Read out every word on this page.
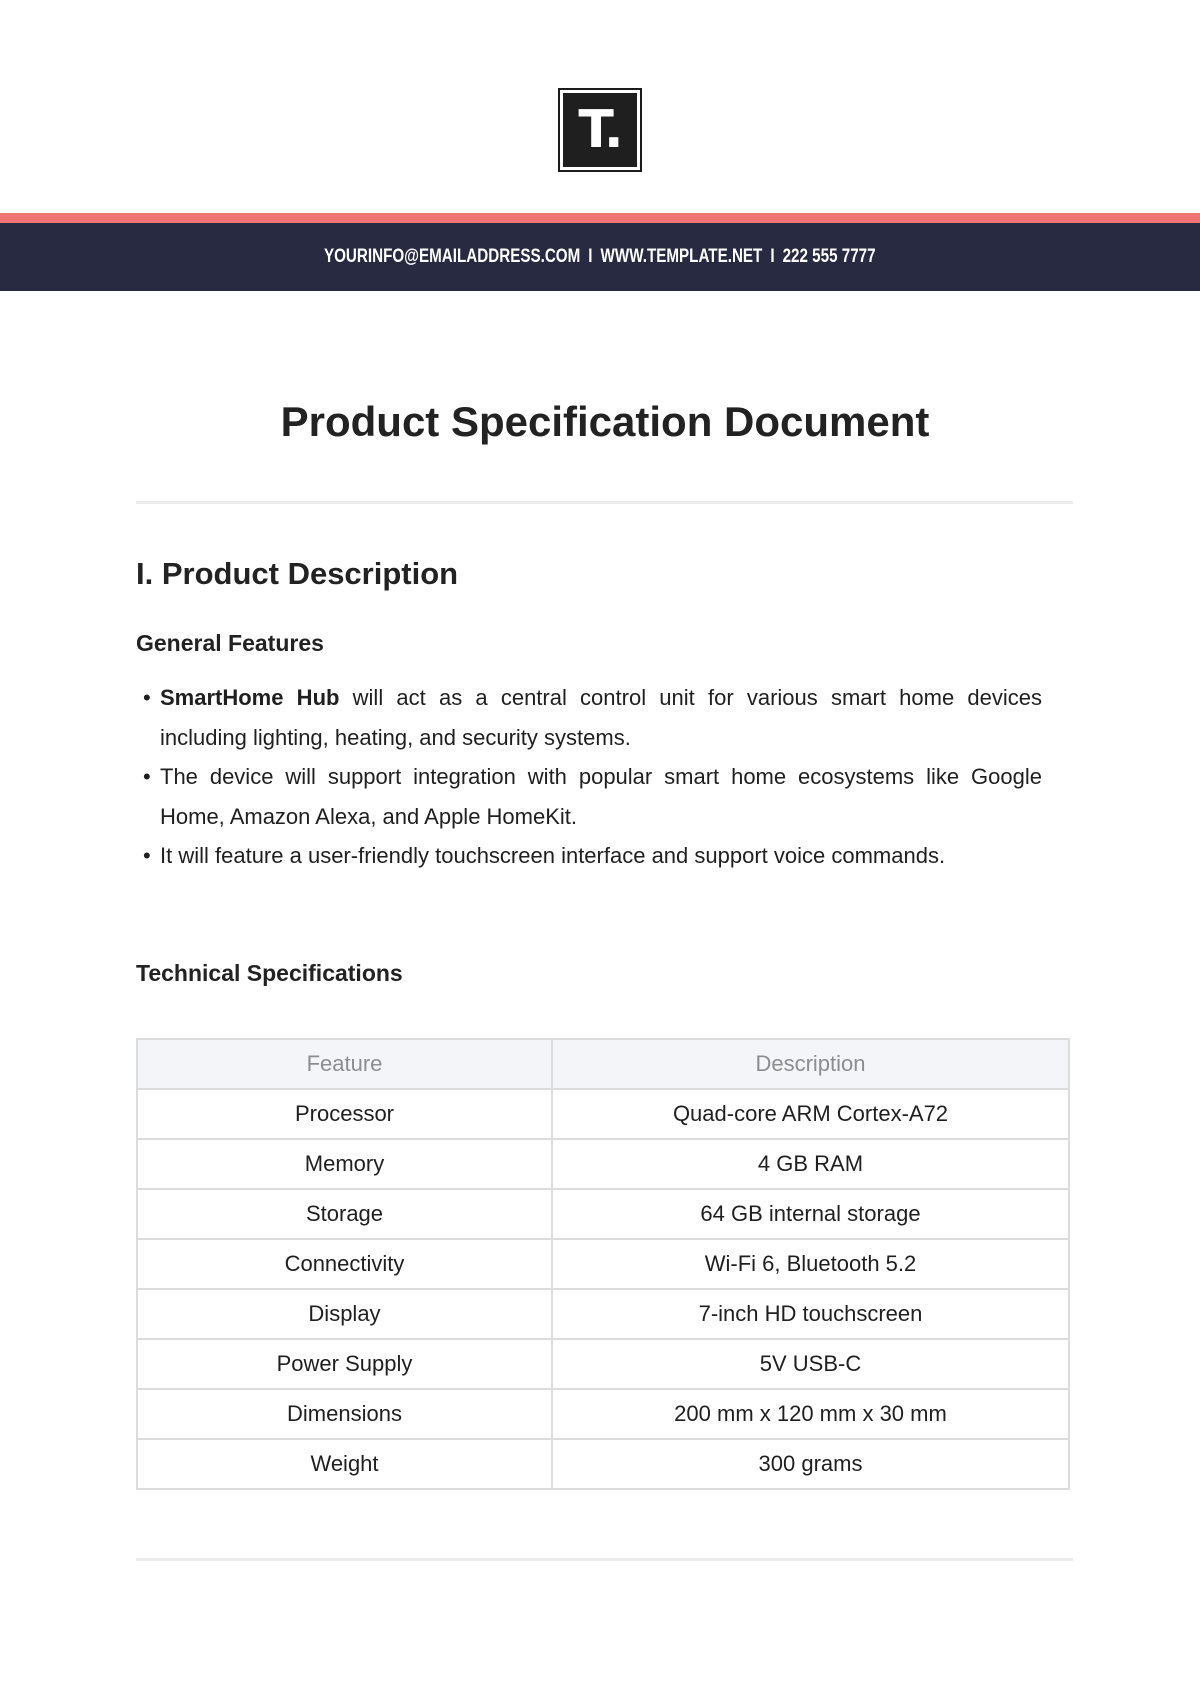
T.
YOURINFO@EMAILADDRESS.COM I WWW.TEMPLATE.NET I 222 555 7777
Product Specification Document
I. Product Description
General Features
• SmartHome Hub will act as a central control unit for various smart home devices including lighting, heating, and security systems.
• The device will support integration with popular smart home ecosystems like Google Home, Amazon Alexa, and Apple HomeKit.
• It will feature a user-friendly touchscreen interface and support voice commands.
Technical Specifications
Feature	Description
Processor	Quad-core ARM Cortex-A72
Memory	4 GB RAM
Storage	64 GB internal storage
Connectivity	Wi-Fi 6, Bluetooth 5.2
Display	7-inch HD touchscreen
Power Supply	5V USB-C
Dimensions	200 mm x 120 mm x 30 mm
Weight	300 grams
